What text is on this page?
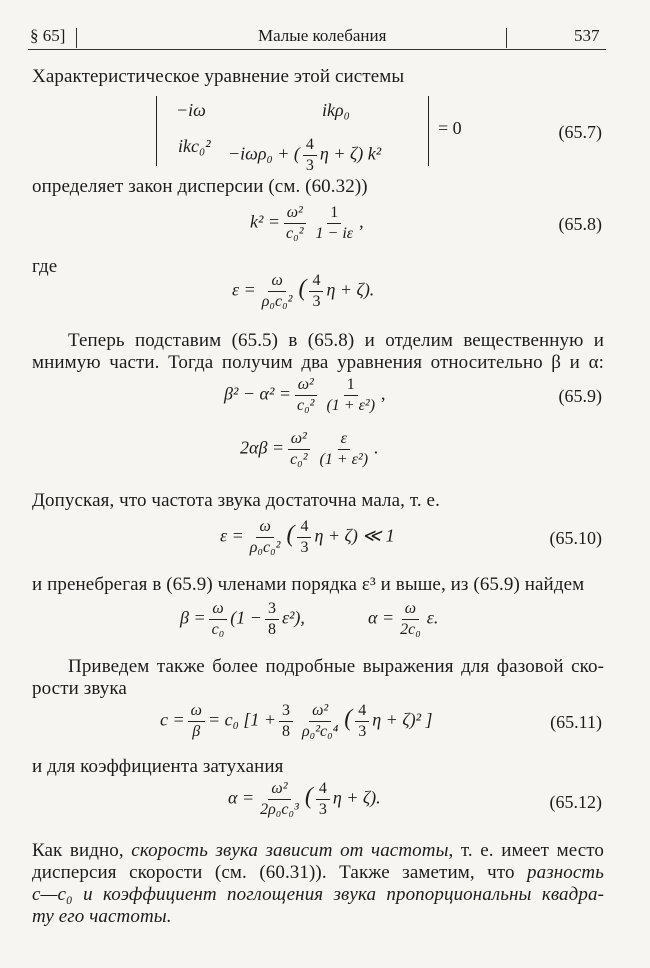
§ 65]	Малые колебания	537
Характеристическое уравнение этой системы
−iω	ikρ₀
ikc₀² −iωρ₀ + ( $\frac{4}{3}$ η + ζ) k²
= 0	(65.7)
определяет закон дисперсии (см. (60.32))
$k^2 = \frac{\text{ω²}}{\text{c₀²}} \frac{1}{1 - i\varepsilon}$ ,	(65.8)
где
$\varepsilon = \frac{\omega}{\text{ρ₀c₀²}}$ ( $\frac{4}{3}$ η + ζ).
Теперь подставим (65.5) в (65.8) и отделим вещественную и
мнимую части. Тогда получим два уравнения относительно β и α:
$\beta^2 - \alpha^2 = \frac{\text{ω²}}{\text{c₀²}} \frac{1}{\text{(1 + ε²)}}$ ,	(65.9)
$2\alpha\beta = \frac{\text{ω²}}{\text{c₀²}} \frac{\varepsilon}{\text{(1 + ε²)}}$ .
Допуская, что частота звука достаточна мала, т. е.
$\varepsilon = \frac{\omega}{\text{ρ₀c₀²}}$ ( $\frac{4}{3}$ η + ζ) ≪ 1	(65.10)
и пренебрегая в (65.9) членами порядка ε³ и выше, из (65.9) найдем
$\beta = \frac{\omega}{\text{c₀}} (1 - \frac{3}{8} \varepsilon^2)$,	$\alpha = \frac{\omega}{\text{2c₀}} \varepsilon$.
Приведем также более подробные выражения для фазовой ско-
рости звука
$c = \frac{\omega}{\beta} = c_0$ [$1 + \frac{3}{8} \frac{\text{ω²}}{\text{ρ₀²c₀⁴}}$ ( $\frac{4}{3}$ η + ζ)² ]	(65.11)
и для коэффициента затухания
$\alpha = \frac{\text{ω²}}{\text{2ρ₀c₀³}}$ ( $\frac{4}{3}$ η + ζ).	(65.12)
Как видно, скорость звука зависит от частоты, т. е. имеет место
дисперсия скорости (см. (60.31)). Также заметим, что разность
c—c₀ и коэффициент поглощения звука пропорциональны квадра-
ту его частоты.
